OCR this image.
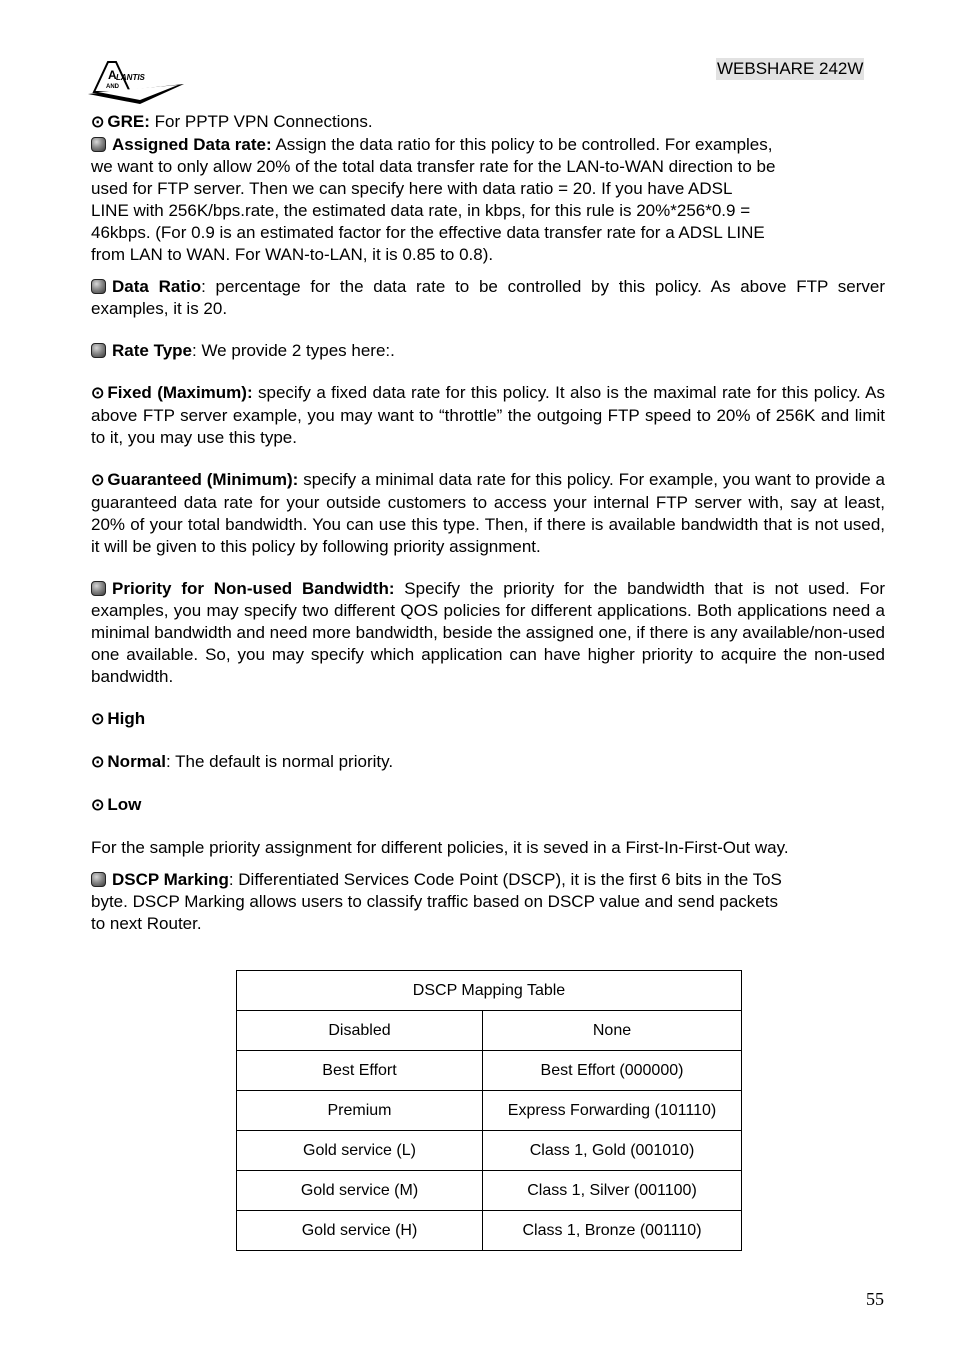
WEBSHARE 242W
LANTIS
AND
A

⊙ GRE: For PPTP VPN Connections.

Assigned Data rate: Assign the data ratio for this policy to be controlled. For examples,
we want to only allow 20% of the total data transfer rate for the LAN-to-WAN direction to be
used for FTP server. Then we can specify here with data ratio = 20. If you have ADSL
LINE with 256K/bps.rate, the estimated data rate, in kbps, for this rule is 20%*256*0.9 =
46kbps. (For 0.9 is an estimated factor for the effective data transfer rate for a ADSL LINE
from LAN to WAN. For WAN-to-LAN, it is 0.85 to 0.8).

Data Ratio: percentage for the data rate to be controlled by this policy. As above FTP server examples, it is 20.

Rate Type: We provide 2 types here:.

⊙ Fixed (Maximum): specify a fixed data rate for this policy. It also is the maximal rate for this policy. As above FTP server example, you may want to “throttle” the outgoing FTP speed to 20% of 256K and limit to it, you may use this type.

⊙ Guaranteed (Minimum): specify a minimal data rate for this policy. For example, you want to provide a guaranteed data rate for your outside customers to access your internal FTP server with, say at least, 20% of your total bandwidth. You can use this type. Then, if there is available bandwidth that is not used, it will be given to this policy by following priority assignment.

Priority for Non-used Bandwidth: Specify the priority for the bandwidth that is not used. For examples, you may specify two different QOS policies for different applications. Both applications need a minimal bandwidth and need more bandwidth, beside the assigned one, if there is any available/non-used one available. So, you may specify which application can have higher priority to acquire the non-used bandwidth.

⊙ High

⊙ Normal: The default is normal priority.

⊙ Low

For the sample priority assignment for different policies, it is seved in a First-In-First-Out way.

DSCP Marking: Differentiated Services Code Point (DSCP), it is the first 6 bits in the ToS
byte. DSCP Marking allows users to classify traffic based on DSCP value and send packets
to next Router.
DSCP Mapping Table	
Disabled	None
Best Effort	Best Effort (000000)
Premium	Express Forwarding (101110)
Gold service (L)	Class 1, Gold (001010)
Gold service (M)	Class 1, Silver (001100)
Gold service (H)	Class 1, Bronze (001110)
55
